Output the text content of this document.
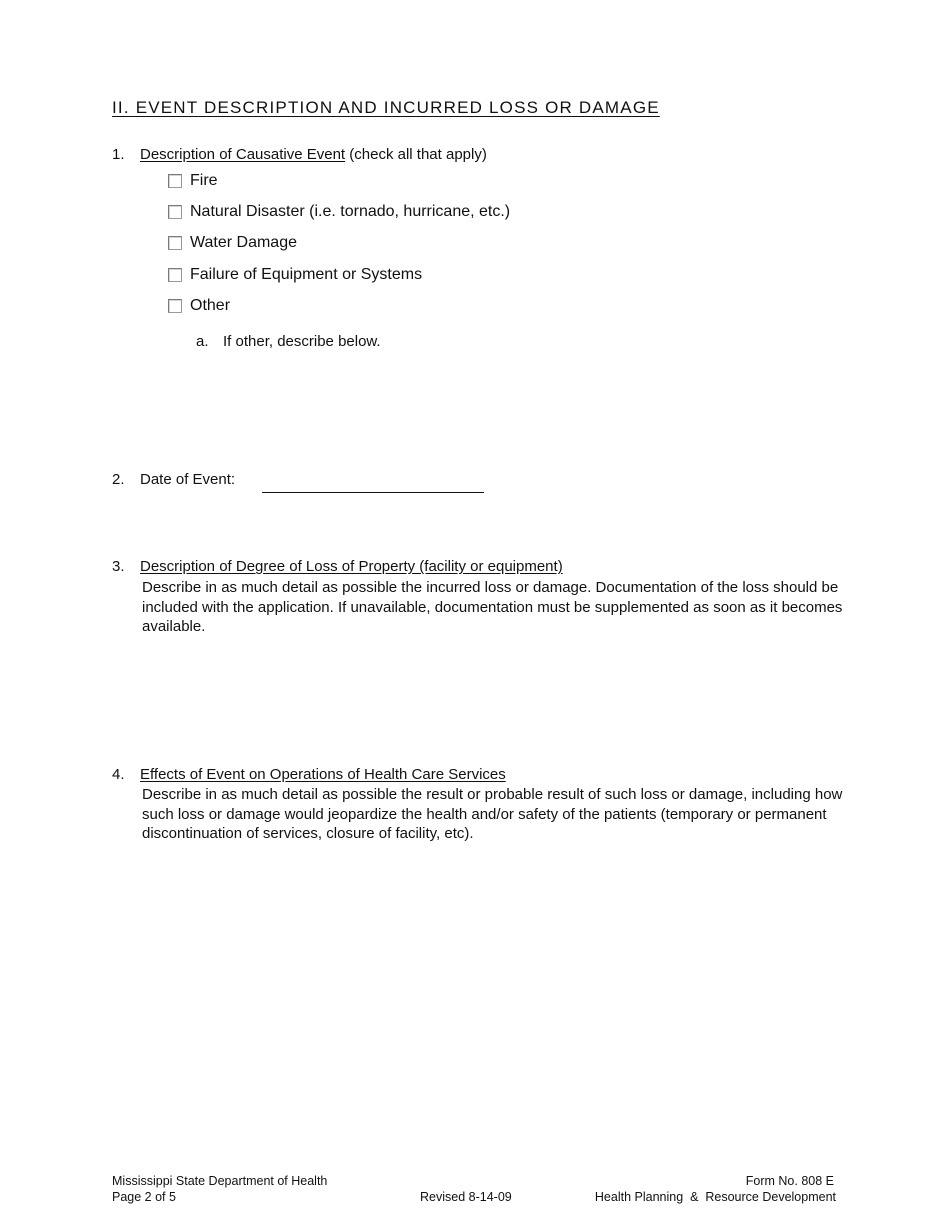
II. EVENT DESCRIPTION AND INCURRED LOSS OR DAMAGE
1. Description of Causative Event (check all that apply)
Fire
Natural Disaster (i.e. tornado, hurricane, etc.)
Water Damage
Failure of Equipment or Systems
Other
a. If other, describe below.
2. Date of Event:
3. Description of Degree of Loss of Property (facility or equipment)
Describe in as much detail as possible the incurred loss or damage. Documentation of the loss should be included with the application. If unavailable, documentation must be supplemented as soon as it becomes available.
4. Effects of Event on Operations of Health Care Services
Describe in as much detail as possible the result or probable result of such loss or damage, including how such loss or damage would jeopardize the health and/or safety of the patients (temporary or permanent discontinuation of services, closure of facility, etc).
Mississippi State Department of Health
Page 2 of 5	Revised 8-14-09
Form No. 808 E
Health Planning  &  Resource Development
